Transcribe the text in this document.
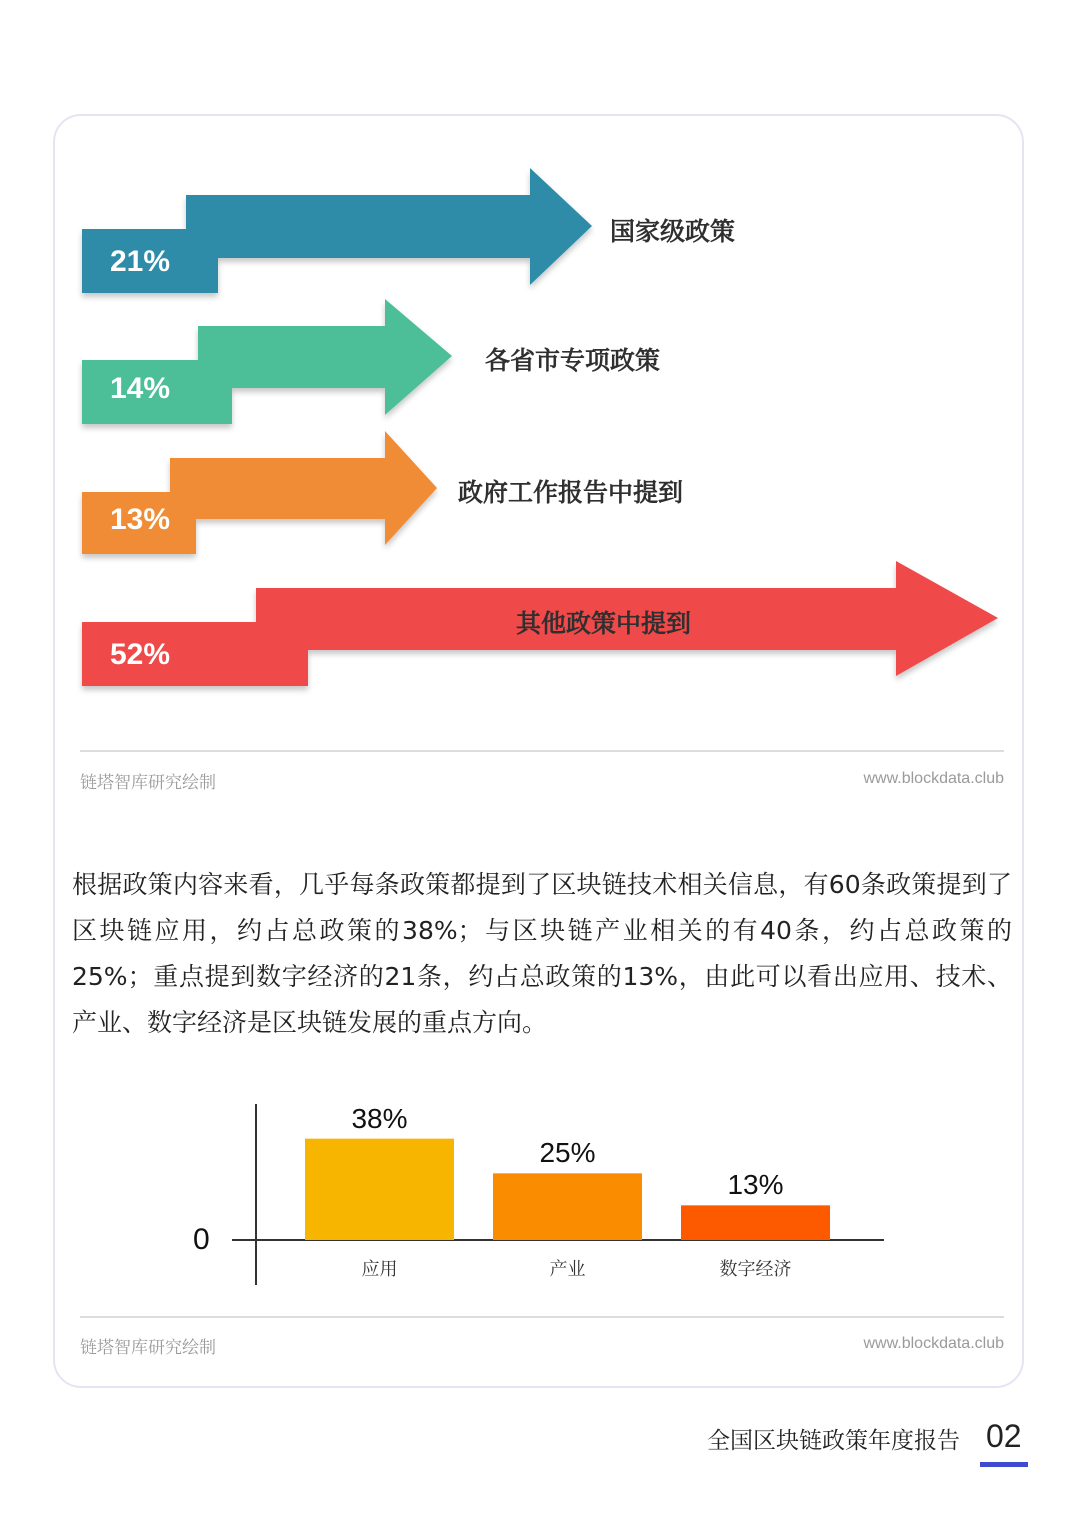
21%
14%
13%
52%
国家级政策
各省市专项政策
政府工作报告中提到
其他政策中提到
链塔智库研究绘制	www.blockdata.club
根据政策内容来看，几乎每条政策都提到了区块链技术相关信息，有60条政策提到了区块链应用，约占总政策的38%；与区块链产业相关的有40条，约占总政策的25%；重点提到数字经济的21条，约占总政策的13%，由此可以看出应用、技术、产业、数字经济是区块链发展的重点方向。
0
38%
应用
25%
产业
13%
数字经济
链塔智库研究绘制	www.blockdata.club
全国区块链政策年度报告 02
